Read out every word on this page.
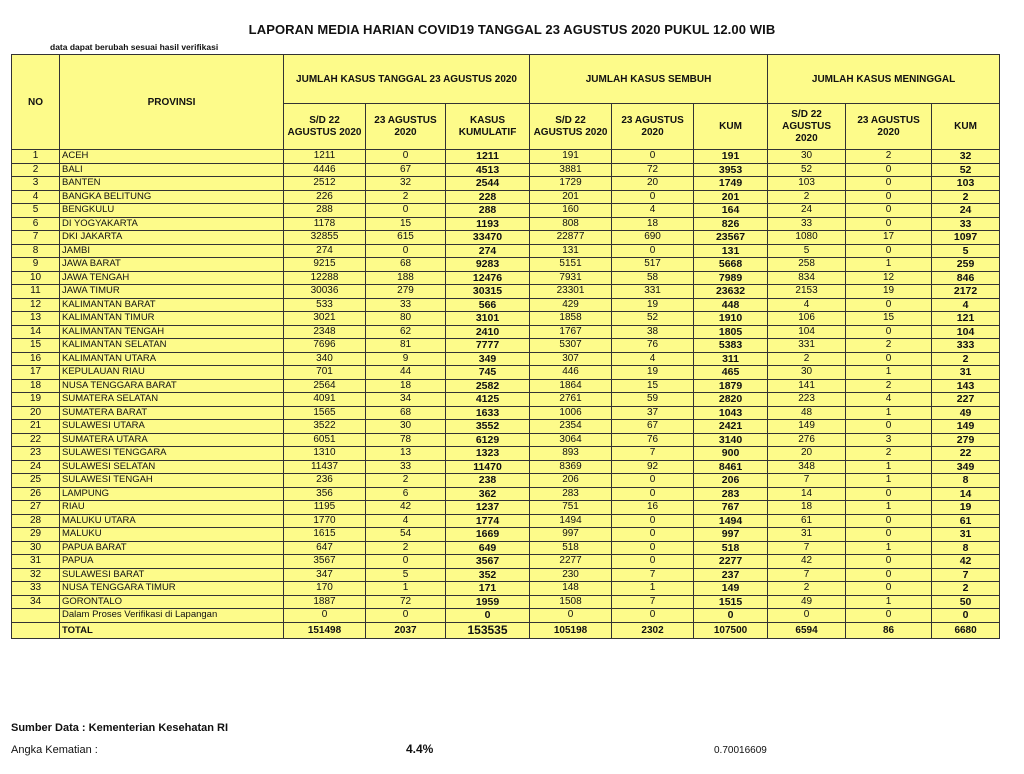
LAPORAN MEDIA HARIAN COVID19 TANGGAL 23 AGUSTUS 2020 PUKUL 12.00 WIB
data dapat berubah sesuai hasil verifikasi
NO	PROVINSI	JUMLAH KASUS TANGGAL 23 AGUSTUS 2020			JUMLAH KASUS SEMBUH			JUMLAH KASUS MENINGGAL		
		S/D 22 AGUSTUS 2020	23 AGUSTUS 2020	KASUS KUMULATIF	S/D 22 AGUSTUS 2020	23 AGUSTUS 2020	KUM	S/D 22 AGUSTUS 2020	23 AGUSTUS 2020	KUM
1	ACEH	1211	0	1211	191	0	191	30	2	32
2	BALI	4446	67	4513	3881	72	3953	52	0	52
3	BANTEN	2512	32	2544	1729	20	1749	103	0	103
4	BANGKA BELITUNG	226	2	228	201	0	201	2	0	2
5	BENGKULU	288	0	288	160	4	164	24	0	24
6	DI YOGYAKARTA	1178	15	1193	808	18	826	33	0	33
7	DKI JAKARTA	32855	615	33470	22877	690	23567	1080	17	1097
8	JAMBI	274	0	274	131	0	131	5	0	5
9	JAWA BARAT	9215	68	9283	5151	517	5668	258	1	259
10	JAWA TENGAH	12288	188	12476	7931	58	7989	834	12	846
11	JAWA TIMUR	30036	279	30315	23301	331	23632	2153	19	2172
12	KALIMANTAN BARAT	533	33	566	429	19	448	4	0	4
13	KALIMANTAN TIMUR	3021	80	3101	1858	52	1910	106	15	121
14	KALIMANTAN TENGAH	2348	62	2410	1767	38	1805	104	0	104
15	KALIMANTAN SELATAN	7696	81	7777	5307	76	5383	331	2	333
16	KALIMANTAN UTARA	340	9	349	307	4	311	2	0	2
17	KEPULAUAN RIAU	701	44	745	446	19	465	30	1	31
18	NUSA TENGGARA BARAT	2564	18	2582	1864	15	1879	141	2	143
19	SUMATERA SELATAN	4091	34	4125	2761	59	2820	223	4	227
20	SUMATERA BARAT	1565	68	1633	1006	37	1043	48	1	49
21	SULAWESI UTARA	3522	30	3552	2354	67	2421	149	0	149
22	SUMATERA UTARA	6051	78	6129	3064	76	3140	276	3	279
23	SULAWESI TENGGARA	1310	13	1323	893	7	900	20	2	22
24	SULAWESI SELATAN	11437	33	11470	8369	92	8461	348	1	349
25	SULAWESI TENGAH	236	2	238	206	0	206	7	1	8
26	LAMPUNG	356	6	362	283	0	283	14	0	14
27	RIAU	1195	42	1237	751	16	767	18	1	19
28	MALUKU UTARA	1770	4	1774	1494	0	1494	61	0	61
29	MALUKU	1615	54	1669	997	0	997	31	0	31
30	PAPUA BARAT	647	2	649	518	0	518	7	1	8
31	PAPUA	3567	0	3567	2277	0	2277	42	0	42
32	SULAWESI BARAT	347	5	352	230	7	237	7	0	7
33	NUSA TENGGARA TIMUR	170	1	171	148	1	149	2	0	2
34	GORONTALO	1887	72	1959	1508	7	1515	49	1	50
	Dalam Proses Verifikasi di Lapangan	0	0	0	0	0	0	0	0	0
	TOTAL	151498	2037	153535	105198	2302	107500	6594	86	6680
Sumber Data : Kementerian Kesehatan RI
Angka Kematian :	4.4%	0.70016609
